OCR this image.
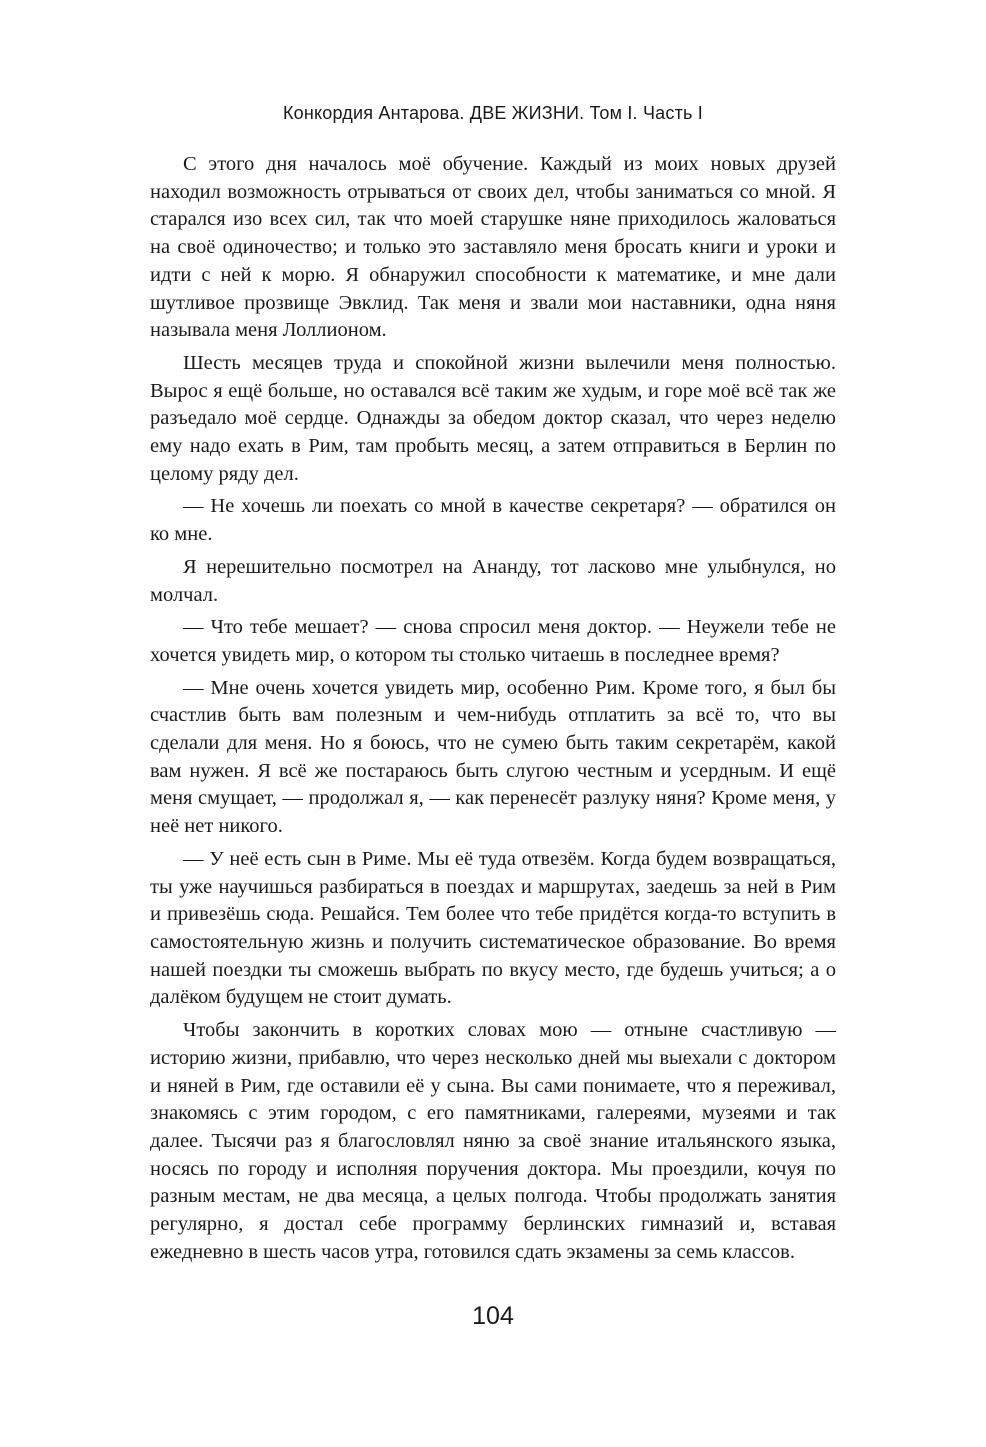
Конкордия Антарова. ДВЕ ЖИЗНИ. Том I. Часть I

С этого дня началось моё обучение. Каждый из моих новых друзей находил возможность отрываться от своих дел, чтобы заниматься со мной. Я старался изо всех сил, так что моей старушке няне приходилось жаловаться на своё одиночество; и только это заставляло меня бросать книги и уроки и идти с ней к морю. Я обнаружил способности к математике, и мне дали шутливое прозвище Эвклид. Так меня и звали мои наставники, одна няня называла меня Лоллионом.

Шесть месяцев труда и спокойной жизни вылечили меня полностью. Вырос я ещё больше, но оставался всё таким же худым, и горе моё всё так же разъедало моё сердце. Однажды за обедом доктор сказал, что через неделю ему надо ехать в Рим, там пробыть месяц, а затем отправиться в Берлин по целому ряду дел.

— Не хочешь ли поехать со мной в качестве секретаря? — обратился он ко мне.

Я нерешительно посмотрел на Ананду, тот ласково мне улыбнулся, но молчал.

— Что тебе мешает? — снова спросил меня доктор. — Неужели тебе не хочется увидеть мир, о котором ты столько читаешь в последнее время?

— Мне очень хочется увидеть мир, особенно Рим. Кроме того, я был бы счастлив быть вам полезным и чем-нибудь отплатить за всё то, что вы сделали для меня. Но я боюсь, что не сумею быть таким секретарём, какой вам нужен. Я всё же постараюсь быть слугою честным и усердным. И ещё меня смущает, — продолжал я, — как перенесёт разлуку няня? Кроме меня, у неё нет никого.

— У неё есть сын в Риме. Мы её туда отвезём. Когда будем возвращаться, ты уже научишься разбираться в поездах и маршрутах, заедешь за ней в Рим и привезёшь сюда. Решайся. Тем более что тебе придётся когда-то вступить в самостоятельную жизнь и получить систематическое образование. Во время нашей поездки ты сможешь выбрать по вкусу место, где будешь учиться; а о далёком будущем не стоит думать.

Чтобы закончить в коротких словах мою — отныне счастливую — историю жизни, прибавлю, что через несколько дней мы выехали с доктором и няней в Рим, где оставили её у сына. Вы сами понимаете, что я переживал, знакомясь с этим городом, с его памятниками, галереями, музеями и так далее. Тысячи раз я благословлял няню за своё знание итальянского языка, носясь по городу и исполняя поручения доктора. Мы проездили, кочуя по разным местам, не два месяца, а целых полгода. Чтобы продолжать занятия регулярно, я достал себе программу берлинских гимназий и, вставая ежедневно в шесть часов утра, готовился сдать экзамены за семь классов.

104
